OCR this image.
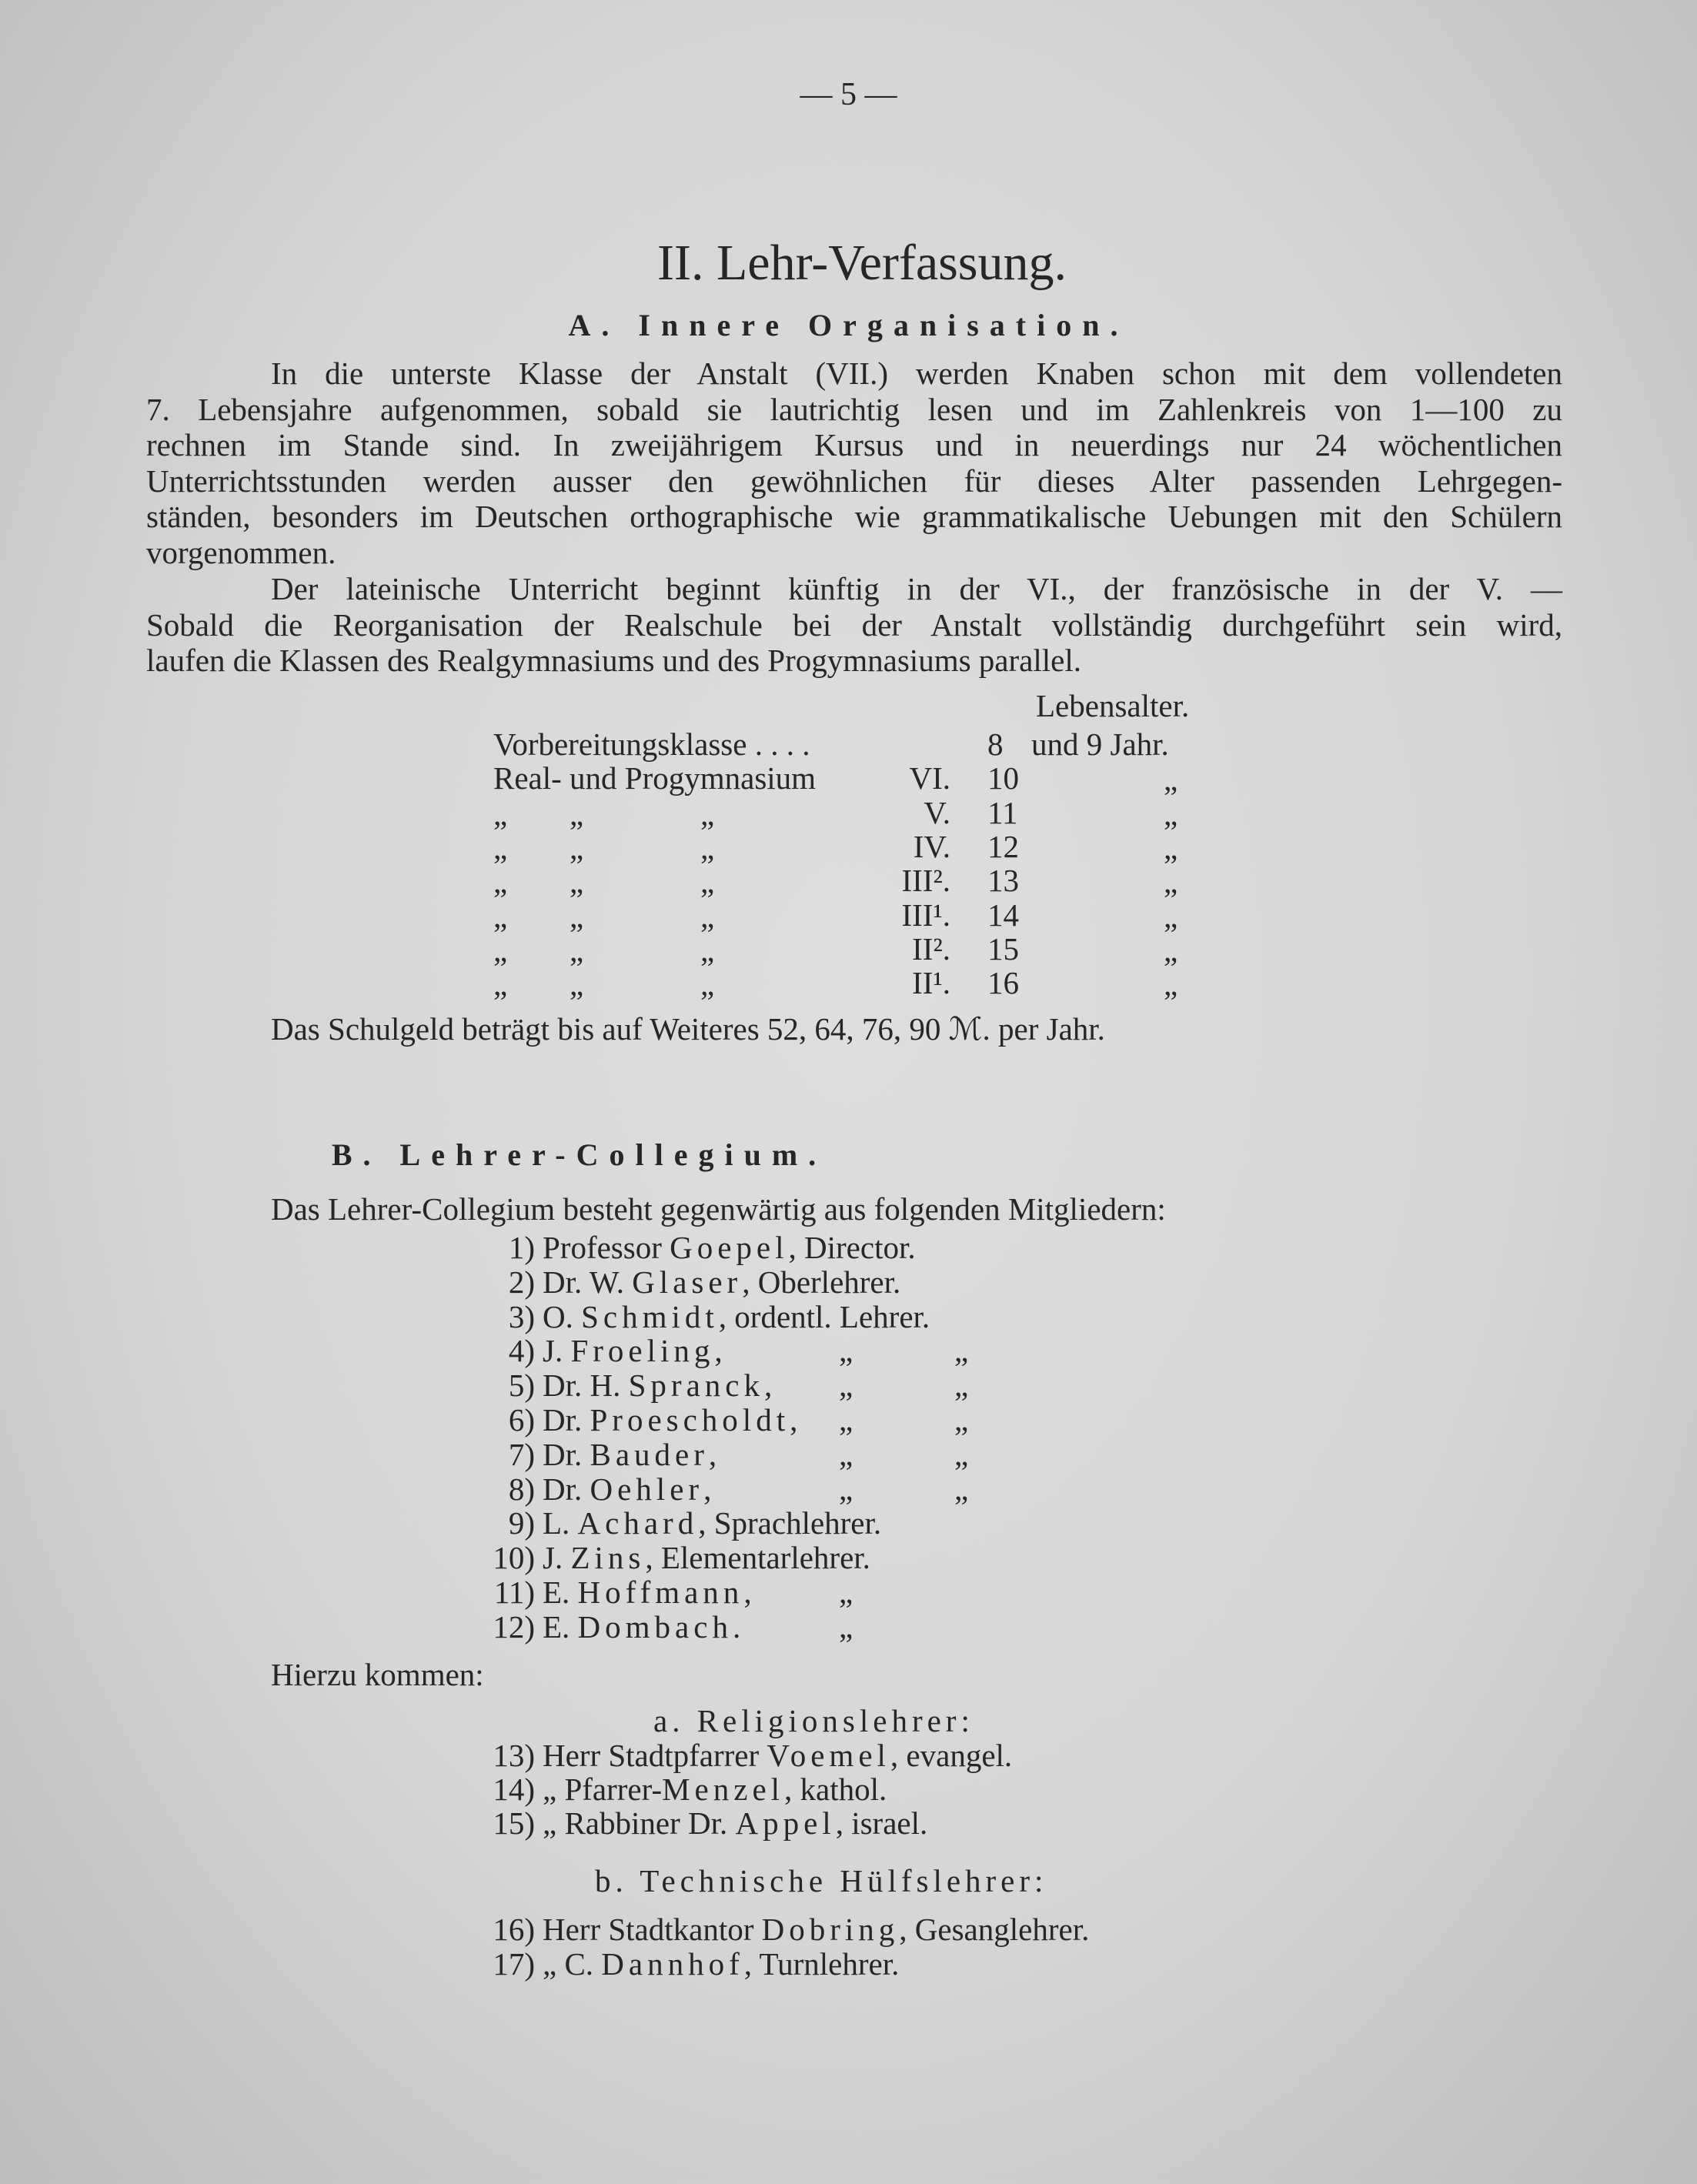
— 5 —
II. Lehr-Verfassung.
A. Innere Organisation.
In die unterste Klasse der Anstalt (VII.) werden Knaben schon mit dem vollendeten
7. Lebensjahre aufgenommen, sobald sie lautrichtig lesen und im Zahlenkreis von 1—100 zu
rechnen im Stande sind. In zweijährigem Kursus und in neuerdings nur 24 wöchentlichen
Unterrichtsstunden werden ausser den gewöhnlichen für dieses Alter passenden Lehrgegen-
ständen, besonders im Deutschen orthographische wie grammatikalische Uebungen mit den Schülern
vorgenommen.
Der lateinische Unterricht beginnt künftig in der VI., der französische in der V. —
Sobald die Reorganisation der Realschule bei der Anstalt vollständig durchgeführt sein wird,
laufen die Klassen des Realgymnasiums und des Progymnasiums parallel.
Lebensalter.
Vorbereitungsklasse . . . .	8 und 9 Jahr.
Real- und Progymnasium	VI. 10	„
„ „	„	V. 11	„
„ „	„	IV. 12	„
„ „	„	III². 13	„
„ „	„	III¹. 14	„
„ „	„	II². 15	„
„ „	„	II¹. 16	„
Das Schulgeld beträgt bis auf Weiteres 52, 64, 76, 90 ℳ. per Jahr.
B. Lehrer-Collegium.
Das Lehrer-Collegium besteht gegenwärtig aus folgenden Mitgliedern:
1) Professor Goepel, Director.
2) Dr. W. Glaser, Oberlehrer.
3) O. Schmidt, ordentl. Lehrer.
4) J. Froeling,	„	„
5) Dr. H. Spranck, „	„
6) Dr. Proescholdt, „	„
7) Dr. Bauder,	„	„
8) Dr. Oehler,	„	„
9) L. Achard, Sprachlehrer.
10) J. Zins, Elementarlehrer.
11) E. Hoffmann,	„
12) E. Dombach.	„
Hierzu kommen:
a. Religionslehrer:
13) Herr Stadtpfarrer Voemel, evangel.
14) „ Pfarrer-Menzel, kathol.
15) „ Rabbiner Dr. Appel, israel.
b. Technische Hülfslehrer:
16) Herr Stadtkantor Dobring, Gesanglehrer.
17) „ C. Dannhof, Turnlehrer.
